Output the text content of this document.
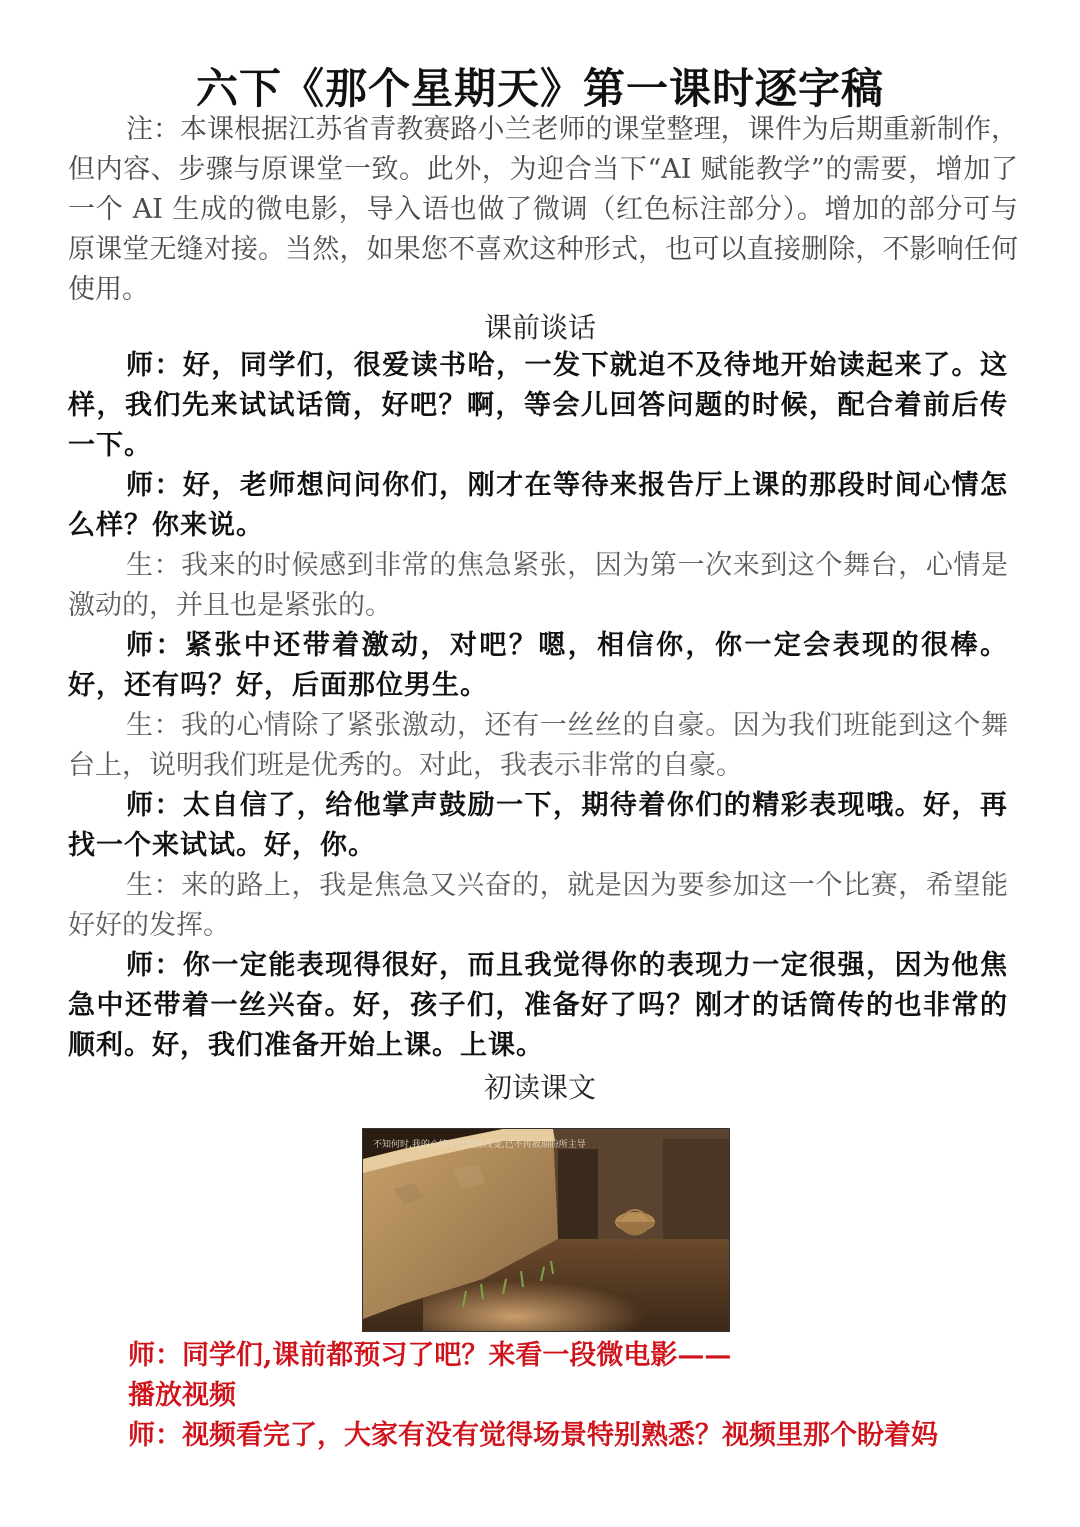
六下《那个星期天》第一课时逐字稿

注：本课根据江苏省青教赛路小兰老师的课堂整理，课件为后期重新制作，但内容、步骤与原课堂一致。此外，为迎合当下“AI 赋能教学”的需要，增加了一个 AI 生成的微电影，导入语也做了微调（红色标注部分）。增加的部分可与原课堂无缝对接。当然，如果您不喜欢这种形式，也可以直接删除，不影响任何使用。

课前谈话

师：好，同学们，很爱读书哈，一发下就迫不及待地开始读起来了。这样，我们先来试试话筒，好吧？啊，等会儿回答问题的时候，配合着前后传一下。

师：好，老师想问问你们，刚才在等待来报告厅上课的那段时间心情怎么样？你来说。

生：我来的时候感到非常的焦急紧张，因为第一次来到这个舞台，心情是激动的，并且也是紧张的。

师：紧张中还带着激动，对吧？嗯，相信你，你一定会表现的很棒。好，还有吗？好，后面那位男生。

生：我的心情除了紧张激动，还有一丝丝的自豪。因为我们班能到这个舞台上，说明我们班是优秀的。对此，我表示非常的自豪。

师：太自信了，给他掌声鼓励一下，期待着你们的精彩表现哦。好，再找一个来试试。好，你。

生：来的路上，我是焦急又兴奋的，就是因为要参加这一个比赛，希望能好好的发挥。

师：你一定能表现得很好，而且我觉得你的表现力一定很强，因为他焦急中还带着一丝兴奋。好，孩子们，准备好了吗？刚才的话筒传的也非常的顺利。好，我们准备开始上课。上课。

初读课文

不知何时,我的心情早已悄然改变,已不再被期盼所主导

师：同学们,课前都预习了吧？来看一段微电影——

播放视频

师：视频看完了，大家有没有觉得场景特别熟悉？视频里那个盼着妈
